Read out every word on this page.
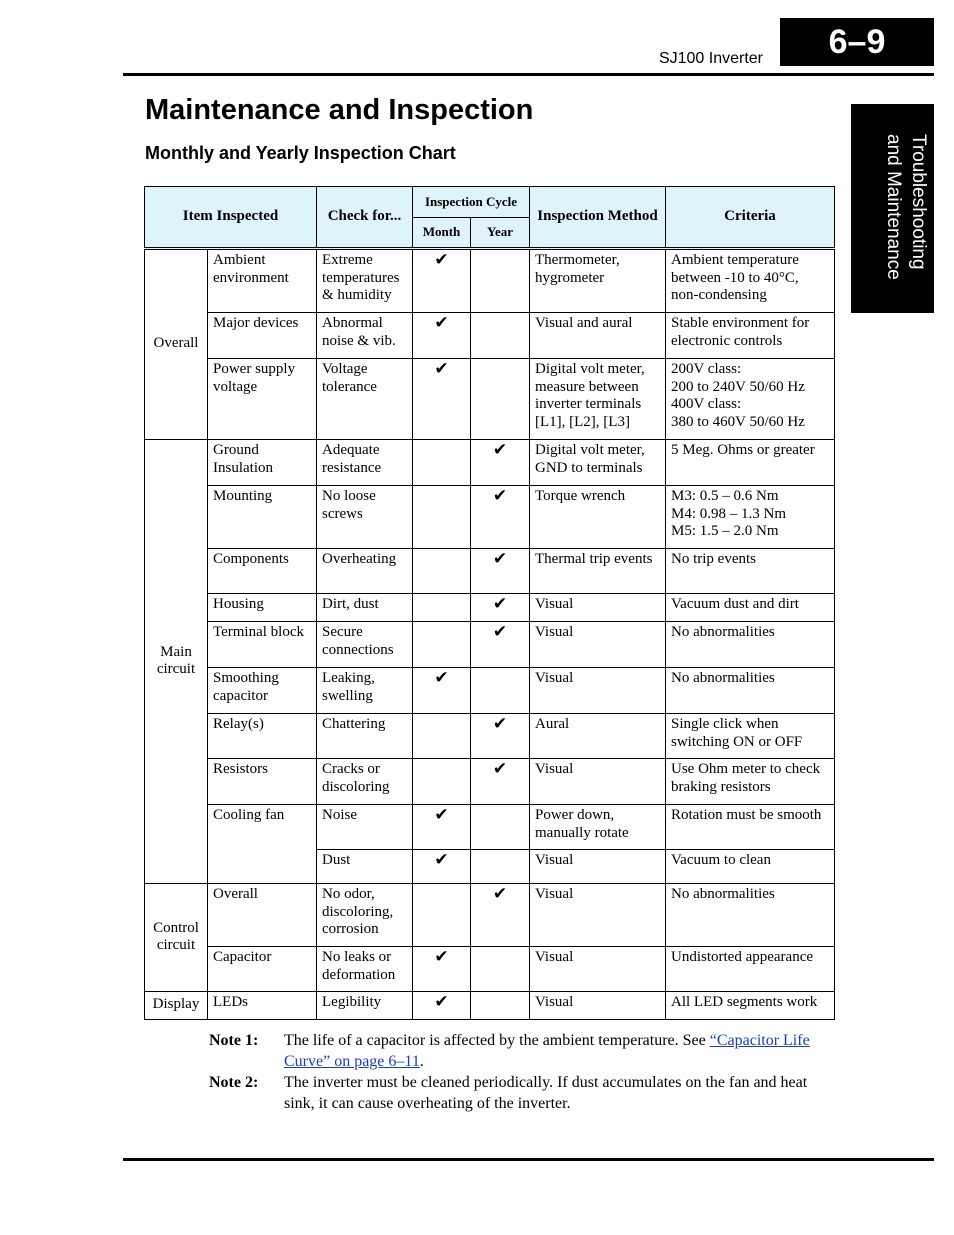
SJ100 Inverter 6–9
Troubleshooting
and Maintenance
Maintenance and Inspection
Monthly and Yearly Inspection Chart
Item Inspected		Check for...	Inspection Cycle		Inspection Method	Criteria
			Month	Year		
Overall	Ambient environment	Extreme temperatures & humidity	✔		Thermometer, hygrometer	Ambient temperature between -10 to 40°C, non-condensing
	Major devices	Abnormal noise & vib.	✔		Visual and aural	Stable environment for electronic controls
	Power supply voltage	Voltage tolerance	✔		Digital volt meter, measure between inverter terminals [L1], [L2], [L3]	200V class:
200 to 240V 50/60 Hz
400V class:
380 to 460V 50/60 Hz

Main circuit	Ground Insulation	Adequate resistance		✔	Digital volt meter, GND to terminals	5 Meg. Ohms or greater
	Mounting	No loose screws		✔	Torque wrench	M3: 0.5 – 0.6 Nm
M4: 0.98 – 1.3 Nm
M5: 1.5 – 2.0 Nm

	Components	Overheating		✔	Thermal trip events	No trip events
	Housing	Dirt, dust		✔	Visual	Vacuum dust and dirt
	Terminal block	Secure connections		✔	Visual	No abnormalities
	Smoothing capacitor	Leaking, swelling	✔		Visual	No abnormalities
	Relay(s)	Chattering		✔	Aural	Single click when switching ON or OFF
	Resistors	Cracks or discoloring		✔	Visual	Use Ohm meter to check braking resistors
	Cooling fan	Noise	✔		Power down, manually rotate	Rotation must be smooth
		Dust	✔		Visual	Vacuum to clean
Control circuit	Overall	No odor, discoloring, corrosion		✔	Visual	No abnormalities
	Capacitor	No leaks or deformation	✔		Visual	Undistorted appearance
Display	LEDs	Legibility	✔		Visual	All LED segments work
Note 1:	The life of a capacitor is affected by the ambient temperature. See “Capacitor Life Curve” on page 6–11.
Note 2:	The inverter must be cleaned periodically. If dust accumulates on the fan and heat sink, it can cause overheating of the inverter.
